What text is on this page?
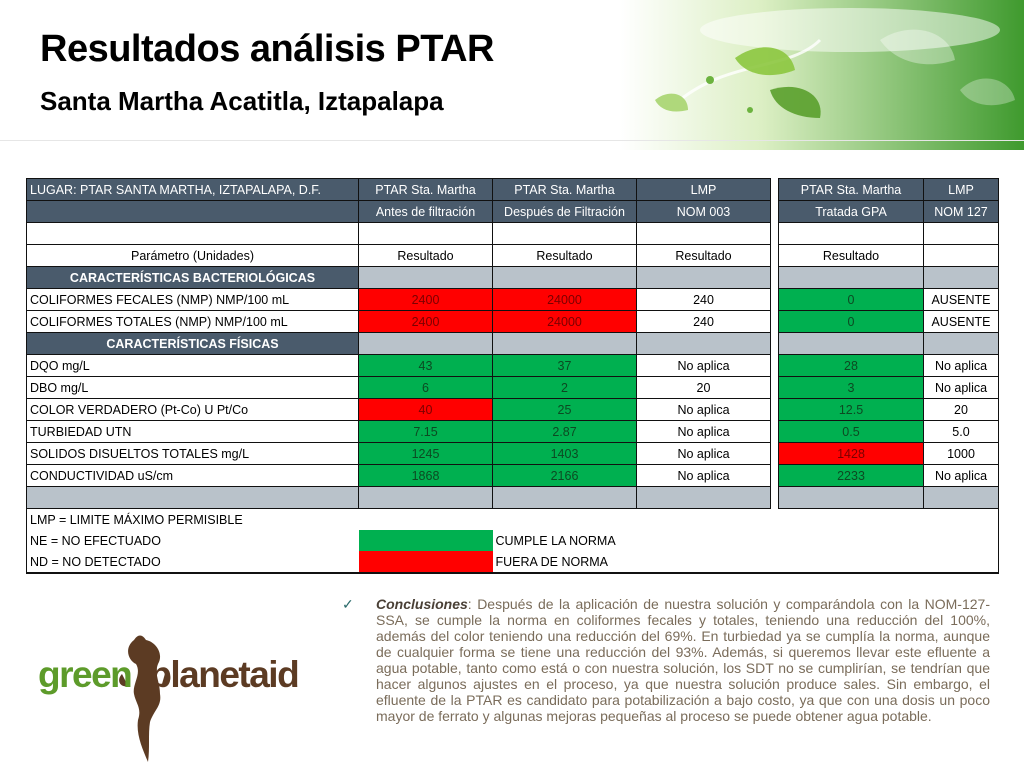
Resultados análisis PTAR
Santa Martha Acatitla, Iztapalapa
LUGAR: PTAR SANTA MARTHA, IZTAPALAPA, D.F.	PTAR Sta. Martha	PTAR Sta. Martha	LMP		PTAR Sta. Martha	LMP
	Antes de filtración	Después de Filtración	NOM 003		Tratada GPA	NOM 127

Parámetro (Unidades)	Resultado	Resultado	Resultado		Resultado	
CARACTERÍSTICAS BACTERIOLÓGICAS						
COLIFORMES FECALES (NMP) NMP/100 mL	2400	24000	240		0	AUSENTE
COLIFORMES TOTALES (NMP) NMP/100 mL	2400	24000	240		0	AUSENTE
CARACTERÍSTICAS FÍSICAS						
DQO mg/L	43	37	No aplica		28	No aplica
DBO mg/L	6	2	20		3	No aplica
COLOR VERDADERO (Pt-Co) U Pt/Co	40	25	No aplica		12.5	20
TURBIEDAD UTN	7.15	2.87	No aplica		0.5	5.0
SOLIDOS DISUELTOS TOTALES mg/L	1245	1403	No aplica		1428	1000
CONDUCTIVIDAD uS/cm	1868	2166	No aplica		2233	No aplica

LMP = LIMITE MÁXIMO PERMISIBLE						
NE = NO EFECTUADO		CUMPLE LA NORMA				
ND = NO DETECTADO		FUERA DE NORMA				
green planetaid
✓ Conclusiones: Después de la aplicación de nuestra solución y comparándola con la NOM-127-SSA, se cumple la norma en coliformes fecales y totales, teniendo una reducción del 100%, además del color teniendo una reducción del 69%. En turbiedad ya se cumplía la norma, aunque de cualquier forma se tiene una reducción del 93%. Además, si queremos llevar este efluente a agua potable, tanto como está o con nuestra solución, los SDT no se cumplirían, se tendrían que hacer algunos ajustes en el proceso, ya que nuestra solución produce sales. Sin embargo, el efluente de la PTAR es candidato para potabilización a bajo costo, ya que con una dosis un poco mayor de ferrato y algunas mejoras pequeñas al proceso se puede obtener agua potable.
